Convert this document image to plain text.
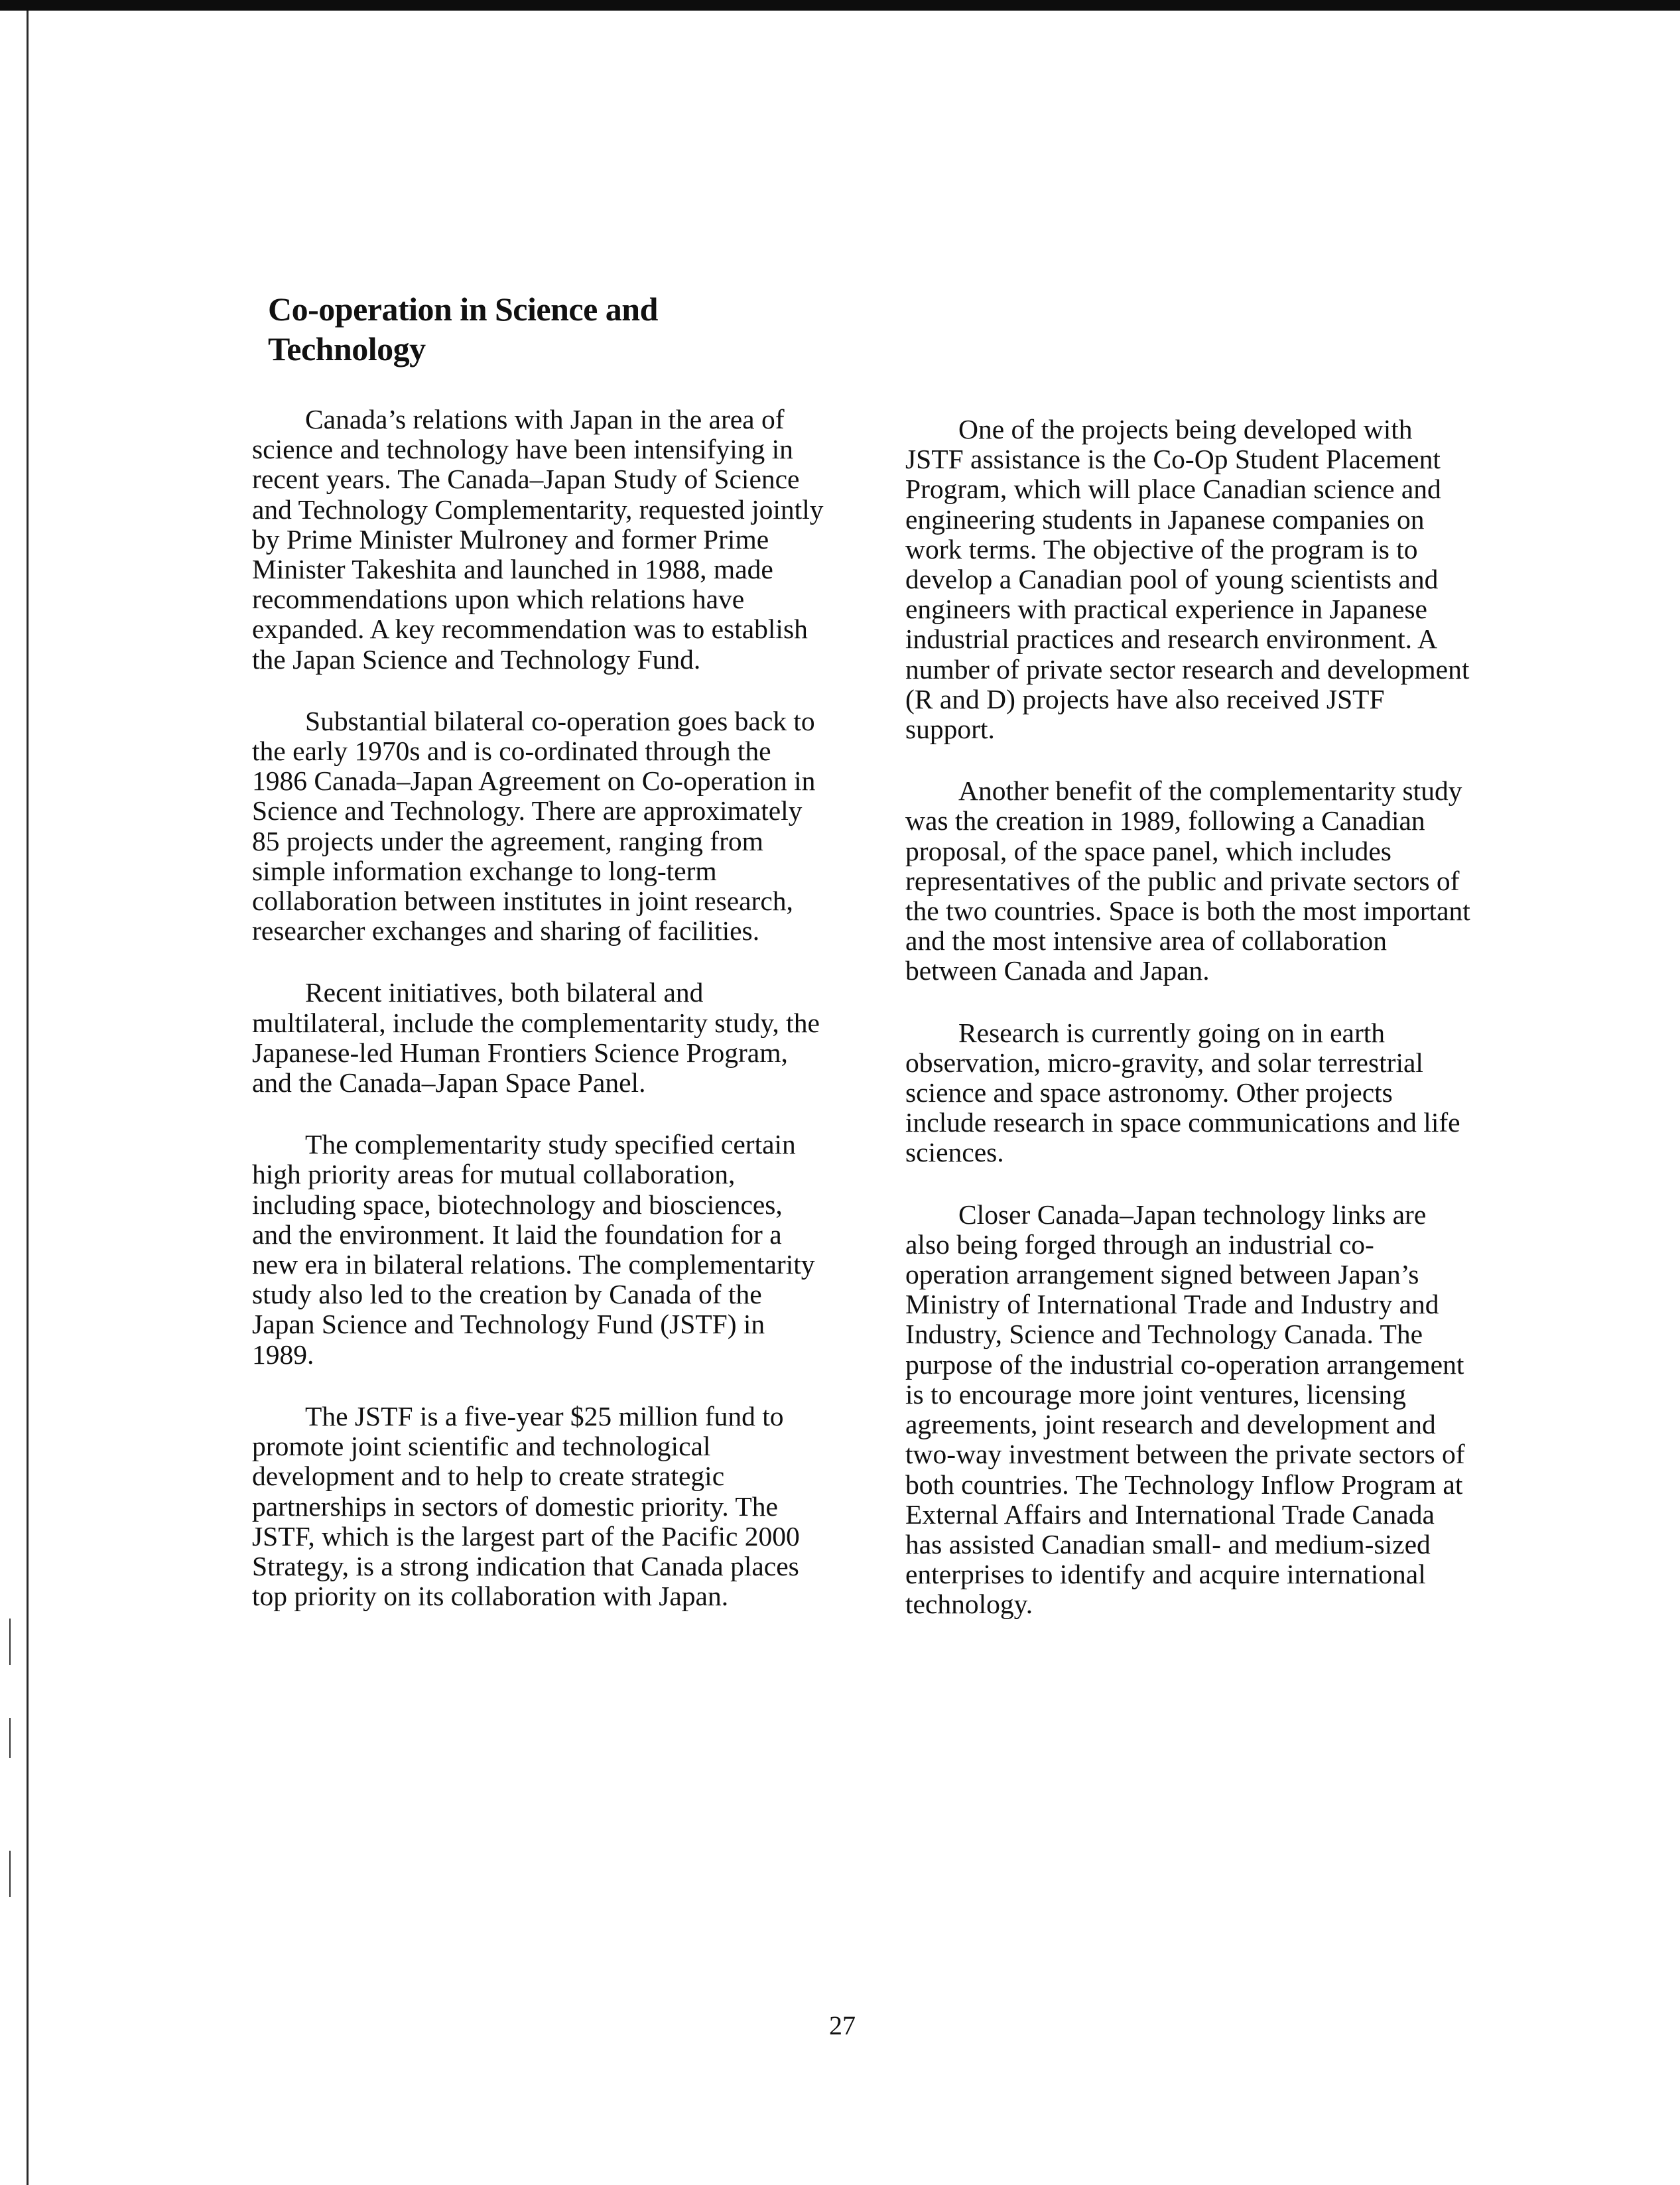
Co-operation in Science and Technology

Canada’s relations with Japan in the area of science and technology have been intensifying in recent years. The Canada–Japan Study of Science and Technology Complementarity, requested jointly by Prime Minister Mulroney and former Prime Minister Takeshita and launched in 1988, made recommendations upon which relations have expanded. A key recommendation was to establish the Japan Science and Technology Fund.

Substantial bilateral co-operation goes back to the early 1970s and is co-ordinated through the 1986 Canada–Japan Agreement on Co-operation in Science and Technology. There are approximately 85 projects under the agreement, ranging from simple information exchange to long-term collaboration between institutes in joint research, researcher exchanges and sharing of facilities.

Recent initiatives, both bilateral and multilateral, include the complementarity study, the Japanese-led Human Frontiers Science Program, and the Canada–Japan Space Panel.

The complementarity study specified certain high priority areas for mutual collaboration, including space, biotechnology and biosciences, and the environment. It laid the foundation for a new era in bilateral relations. The complementarity study also led to the creation by Canada of the Japan Science and Technology Fund (JSTF) in 1989.

The JSTF is a five-year $25 million fund to promote joint scientific and technological development and to help to create strategic partnerships in sectors of domestic priority. The JSTF, which is the largest part of the Pacific 2000 Strategy, is a strong indication that Canada places top priority on its collaboration with Japan.

One of the projects being developed with JSTF assistance is the Co-Op Student Placement Program, which will place Canadian science and engineering students in Japanese companies on work terms. The objective of the program is to develop a Canadian pool of young scientists and engineers with practical experience in Japanese industrial practices and research environment. A number of private sector research and development (R and D) projects have also received JSTF support.

Another benefit of the complementarity study was the creation in 1989, following a Canadian proposal, of the space panel, which includes representatives of the public and private sectors of the two countries. Space is both the most important and the most intensive area of collaboration between Canada and Japan.

Research is currently going on in earth observation, micro-gravity, and solar terrestrial science and space astronomy. Other projects include research in space communications and life sciences.

Closer Canada–Japan technology links are also being forged through an industrial co-operation arrangement signed between Japan’s Ministry of International Trade and Industry and Industry, Science and Technology Canada. The purpose of the industrial co-operation arrangement is to encourage more joint ventures, licensing agreements, joint research and development and two-way investment between the private sectors of both countries. The Technology Inflow Program at External Affairs and International Trade Canada has assisted Canadian small- and medium-sized enterprises to identify and acquire international technology.

27
